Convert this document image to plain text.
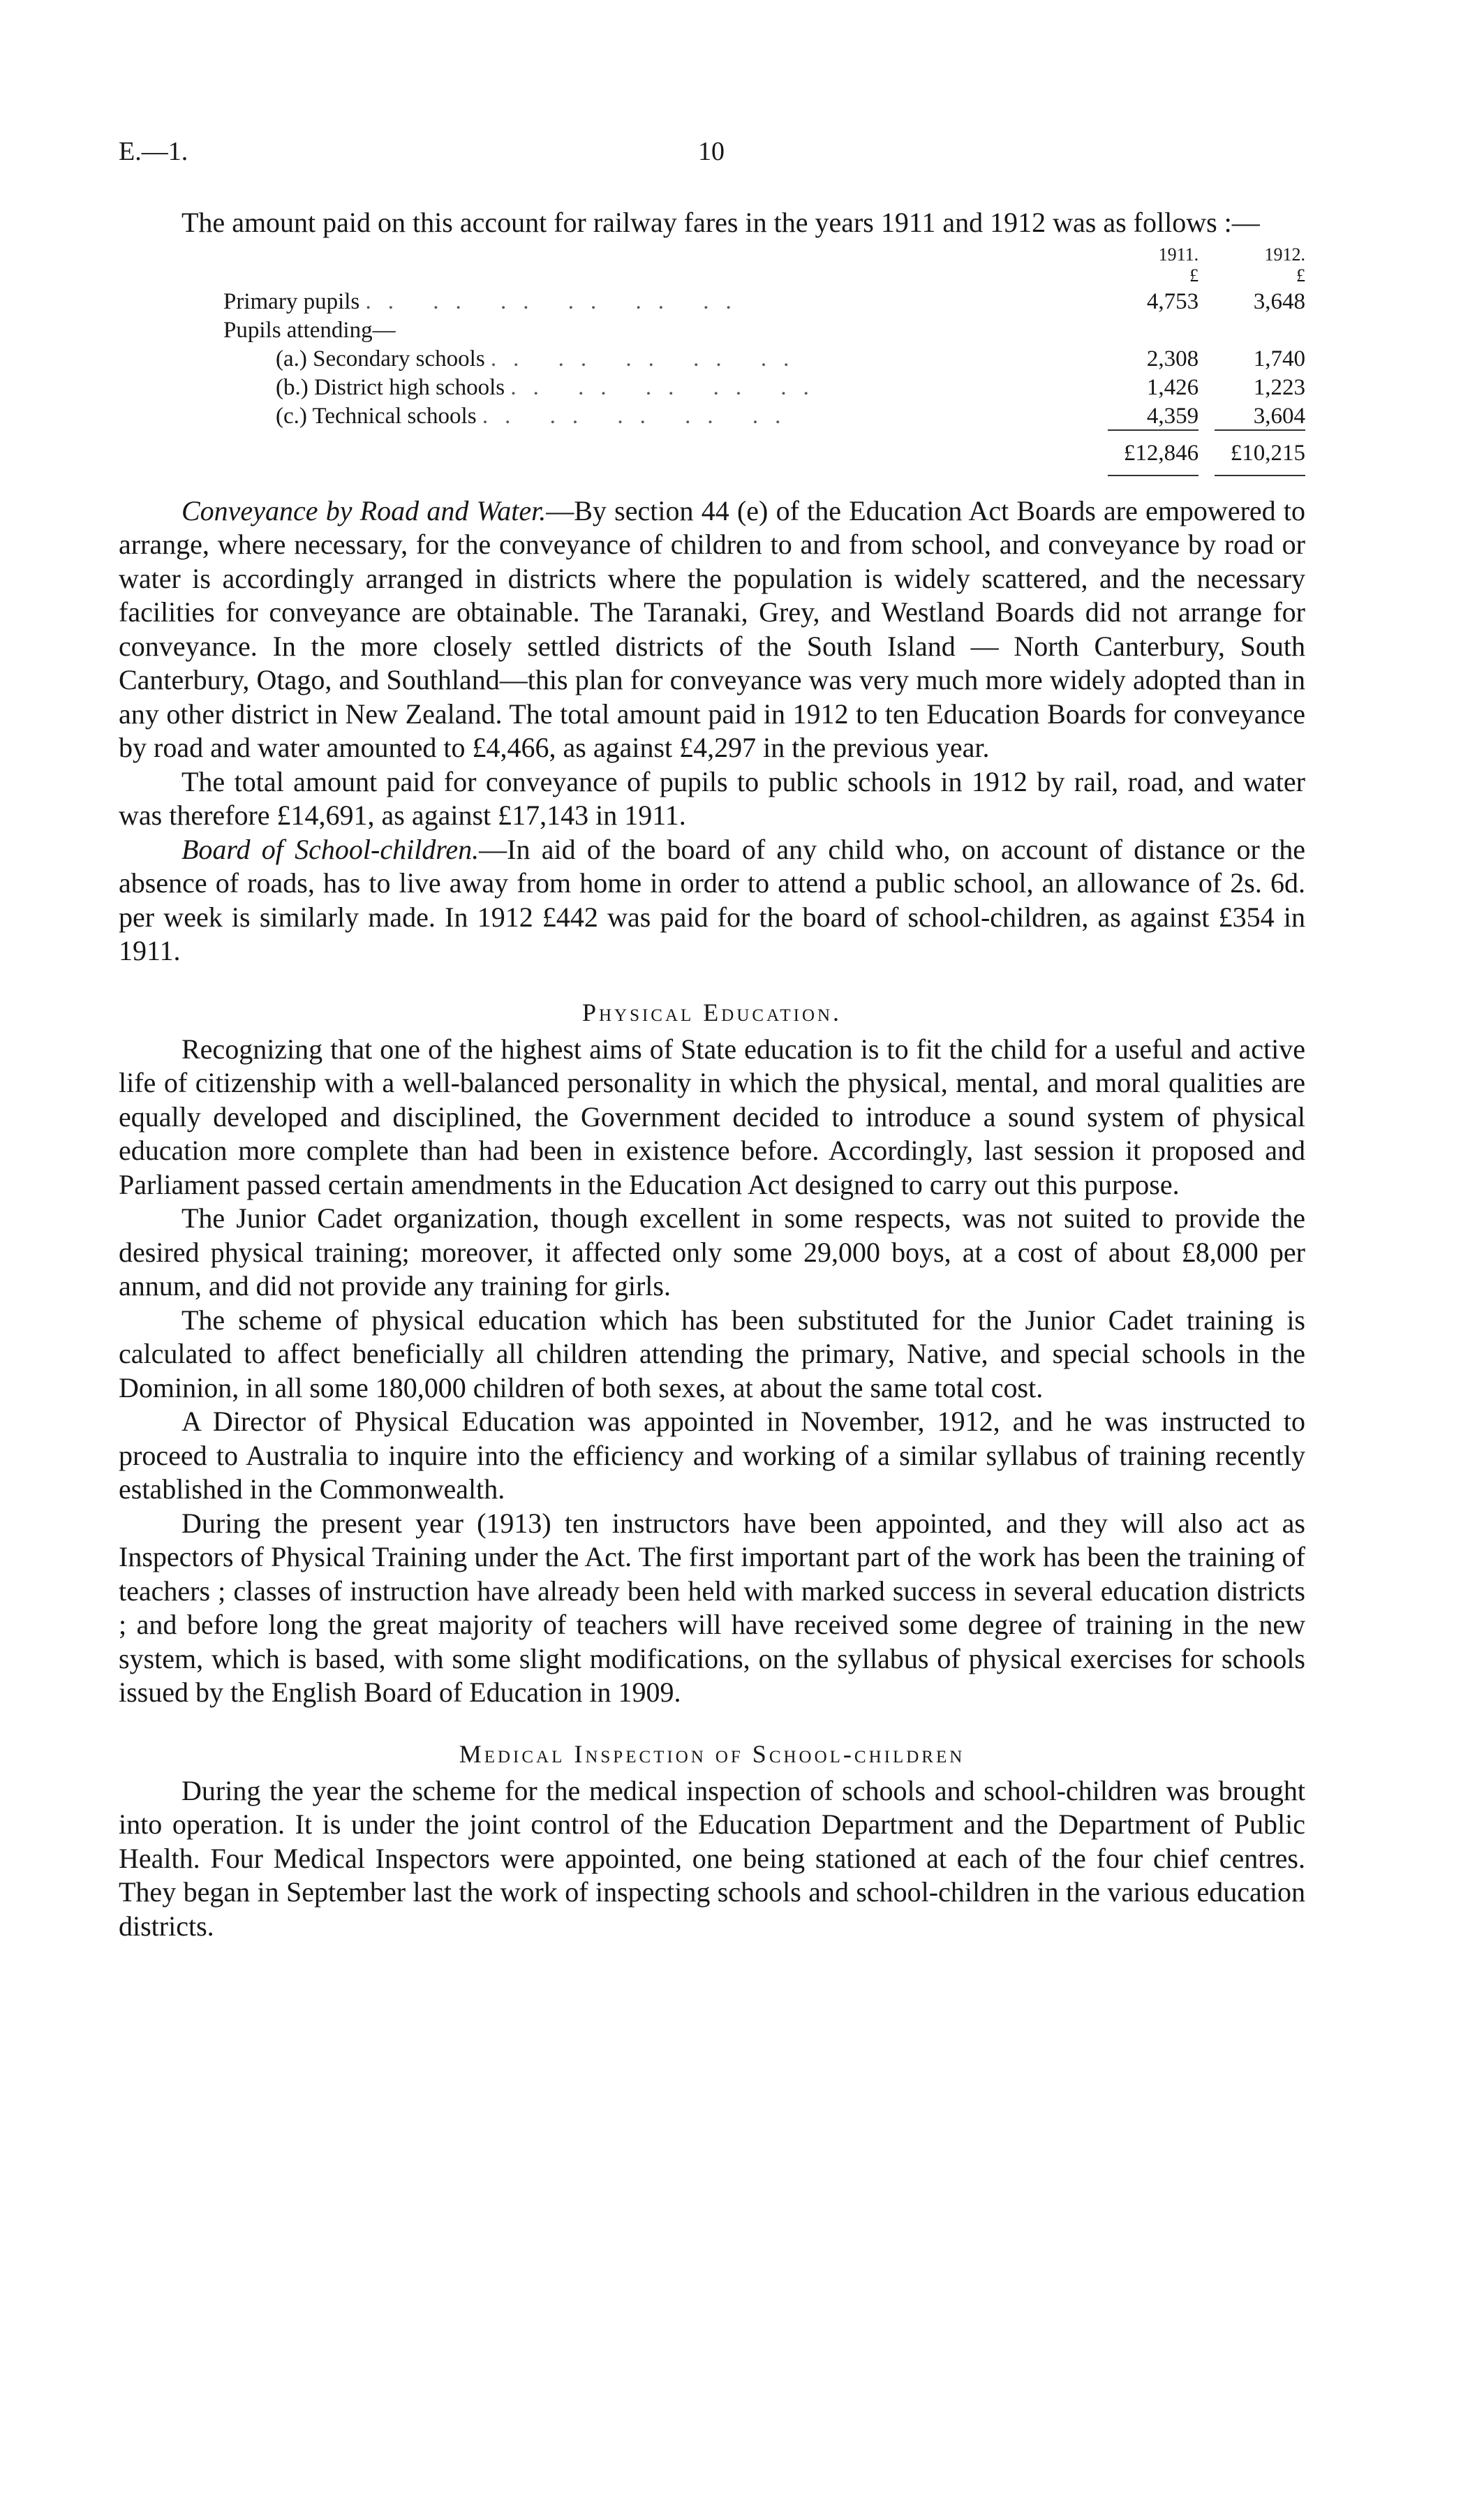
E.—1.	10

The amount paid on this account for railway fares in the years 1911 and 1912 was as follows :—

	1911.	1912.
	£	£
Primary pupils .. .. .. .. .. ..	4,753	3,648
Pupils attending—		
(a.) Secondary schools .. .. .. .. ..	2,308	1,740
(b.) District high schools .. .. .. .. ..	1,426	1,223
(c.) Technical schools .. .. .. .. ..	4,359	3,604
	£12,846	£10,215

Conveyance by Road and Water.—By section 44 (e) of the Education Act Boards are empowered to arrange, where necessary, for the conveyance of children to and from school, and conveyance by road or water is accordingly arranged in districts where the population is widely scattered, and the necessary facilities for conveyance are obtainable. The Taranaki, Grey, and Westland Boards did not arrange for conveyance. In the more closely settled districts of the South Island — North Canterbury, South Canterbury, Otago, and Southland—this plan for conveyance was very much more widely adopted than in any other district in New Zealand. The total amount paid in 1912 to ten Education Boards for conveyance by road and water amounted to £4,466, as against £4,297 in the previous year.

The total amount paid for conveyance of pupils to public schools in 1912 by rail, road, and water was therefore £14,691, as against £17,143 in 1911.

Board of School-children.—In aid of the board of any child who, on account of distance or the absence of roads, has to live away from home in order to attend a public school, an allowance of 2s. 6d. per week is similarly made. In 1912 £442 was paid for the board of school-children, as against £354 in 1911.

Physical Education.

Recognizing that one of the highest aims of State education is to fit the child for a useful and active life of citizenship with a well-balanced personality in which the physical, mental, and moral qualities are equally developed and disciplined, the Government decided to introduce a sound system of physical education more complete than had been in existence before. Accordingly, last session it proposed and Parliament passed certain amendments in the Education Act designed to carry out this purpose.

The Junior Cadet organization, though excellent in some respects, was not suited to provide the desired physical training; moreover, it affected only some 29,000 boys, at a cost of about £8,000 per annum, and did not provide any training for girls.

The scheme of physical education which has been substituted for the Junior Cadet training is calculated to affect beneficially all children attending the primary, Native, and special schools in the Dominion, in all some 180,000 children of both sexes, at about the same total cost.

A Director of Physical Education was appointed in November, 1912, and he was instructed to proceed to Australia to inquire into the efficiency and working of a similar syllabus of training recently established in the Commonwealth.

During the present year (1913) ten instructors have been appointed, and they will also act as Inspectors of Physical Training under the Act. The first important part of the work has been the training of teachers ; classes of instruction have already been held with marked success in several education districts ; and before long the great majority of teachers will have received some degree of training in the new system, which is based, with some slight modifications, on the syllabus of physical exercises for schools issued by the English Board of Education in 1909.

Medical Inspection of School-children

During the year the scheme for the medical inspection of schools and school-children was brought into operation. It is under the joint control of the Education Department and the Department of Public Health. Four Medical Inspectors were appointed, one being stationed at each of the four chief centres. They began in September last the work of inspecting schools and school-children in the various education districts.
